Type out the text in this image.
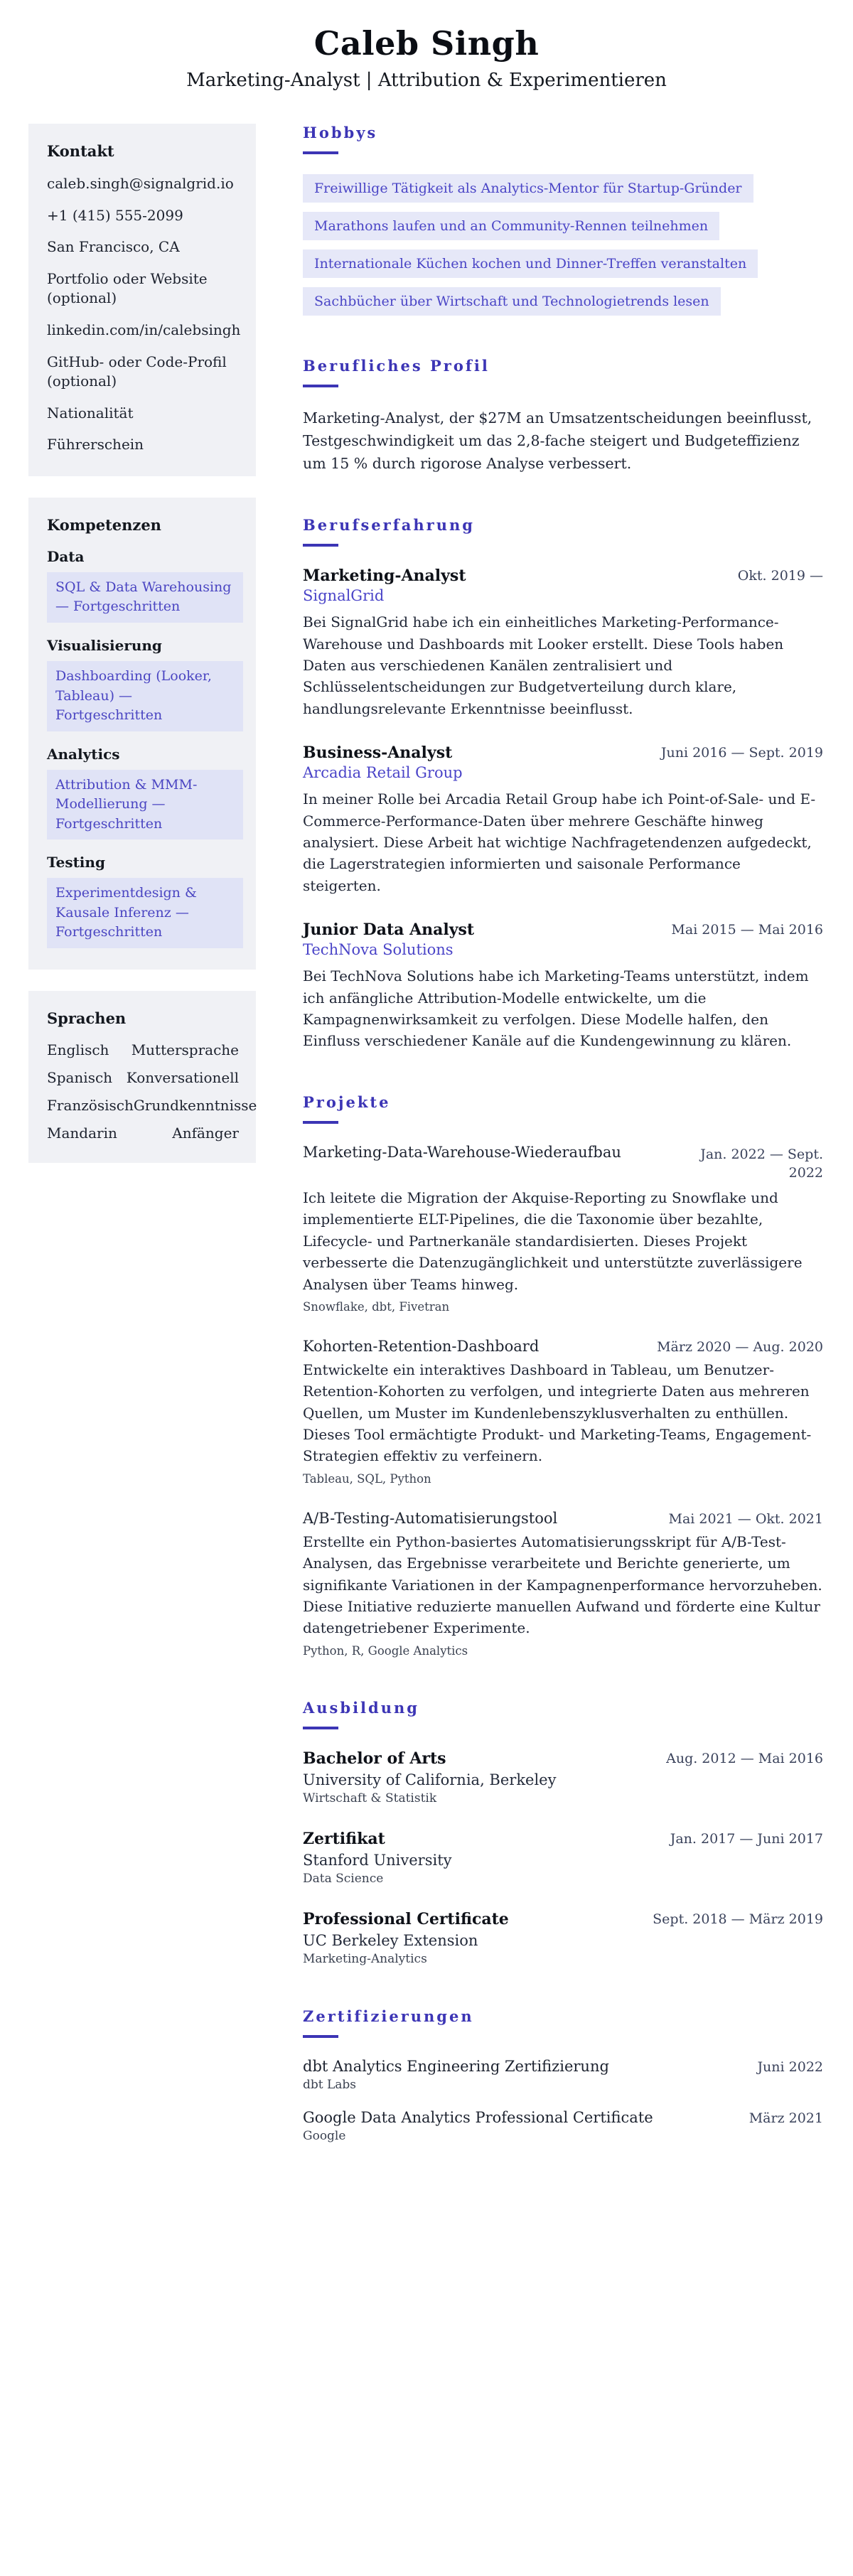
Caleb Singh
Marketing-Analyst | Attribution & Experimentieren
Kontakt
caleb.singh@signalgrid.io
+1 (415) 555-2099
San Francisco, CA
Portfolio oder Website (optional)
linkedin.com/in/calebsingh
GitHub- oder Code-Profil (optional)
Nationalität
Führerschein
Kompetenzen
Data
SQL & Data Warehousing — Fortgeschritten
Visualisierung
Dashboarding (Looker, Tableau) — Fortgeschritten
Analytics
Attribution & MMM-Modellierung — Fortgeschritten
Testing
Experimentdesign & Kausale Inferenz — Fortgeschritten
Sprachen
Englisch Muttersprache
Spanisch Konversationell
Französisch Grundkenntnisse
Mandarin	Anfänger
Hobbys
Freiwillige Tätigkeit als Analytics-Mentor für Startup-Gründer
Marathons laufen und an Community-Rennen teilnehmen
Internationale Küchen kochen und Dinner-Treffen veranstalten
Sachbücher über Wirtschaft und Technologietrends lesen
Berufliches Profil

Marketing-Analyst, der $27M an Umsatzentscheidungen beeinflusst, Testgeschwindigkeit um das 2,8-fache steigert und Budgeteffizienz um 15 % durch rigorose Analyse verbessert.

Berufserfahrung
Marketing-Analyst	Okt. 2019 —
SignalGrid

Bei SignalGrid habe ich ein einheitliches Marketing-Performance-Warehouse und Dashboards mit Looker erstellt. Diese Tools haben Daten aus verschiedenen Kanälen zentralisiert und Schlüsselentscheidungen zur Budgetverteilung durch klare, handlungsrelevante Erkenntnisse beeinflusst.

Business-Analyst	Juni 2016 — Sept. 2019
Arcadia Retail Group

In meiner Rolle bei Arcadia Retail Group habe ich Point-of-Sale- und E-Commerce-Performance-Daten über mehrere Geschäfte hinweg analysiert. Diese Arbeit hat wichtige Nachfragetendenzen aufgedeckt, die Lagerstrategien informierten und saisonale Performance steigerten.

Junior Data Analyst	Mai 2015 — Mai 2016
TechNova Solutions

Bei TechNova Solutions habe ich Marketing-Teams unterstützt, indem ich anfängliche Attribution-Modelle entwickelte, um die Kampagnenwirksamkeit zu verfolgen. Diese Modelle halfen, den Einfluss verschiedener Kanäle auf die Kundengewinnung zu klären.

Projekte
Marketing-Data-Warehouse-Wiederaufbau	Jan. 2022 — Sept. 2022

Ich leitete die Migration der Akquise-Reporting zu Snowflake und implementierte ELT-Pipelines, die die Taxonomie über bezahlte, Lifecycle- und Partnerkanäle standardisierten. Dieses Projekt verbesserte die Datenzugänglichkeit und unterstützte zuverlässigere Analysen über Teams hinweg.

Snowflake, dbt, Fivetran
Kohorten-Retention-Dashboard	März 2020 — Aug. 2020

Entwickelte ein interaktives Dashboard in Tableau, um Benutzer-Retention-Kohorten zu verfolgen, und integrierte Daten aus mehreren Quellen, um Muster im Kundenlebenszyklusverhalten zu enthüllen. Dieses Tool ermächtigte Produkt- und Marketing-Teams, Engagement-Strategien effektiv zu verfeinern.

Tableau, SQL, Python
A/B-Testing-Automatisierungstool	Mai 2021 — Okt. 2021

Erstellte ein Python-basiertes Automatisierungsskript für A/B-Test-Analysen, das Ergebnisse verarbeitete und Berichte generierte, um signifikante Variationen in der Kampagnenperformance hervorzuheben. Diese Initiative reduzierte manuellen Aufwand und förderte eine Kultur datengetriebener Experimente.

Python, R, Google Analytics
Ausbildung
Bachelor of Arts	Aug. 2012 — Mai 2016
University of California, Berkeley
Wirtschaft & Statistik
Zertifikat	Jan. 2017 — Juni 2017
Stanford University
Data Science
Professional Certificate	Sept. 2018 — März 2019
UC Berkeley Extension
Marketing-Analytics
Zertifizierungen
dbt Analytics Engineering Zertifizierung	Juni 2022
dbt Labs
Google Data Analytics Professional Certificate	März 2021
Google
